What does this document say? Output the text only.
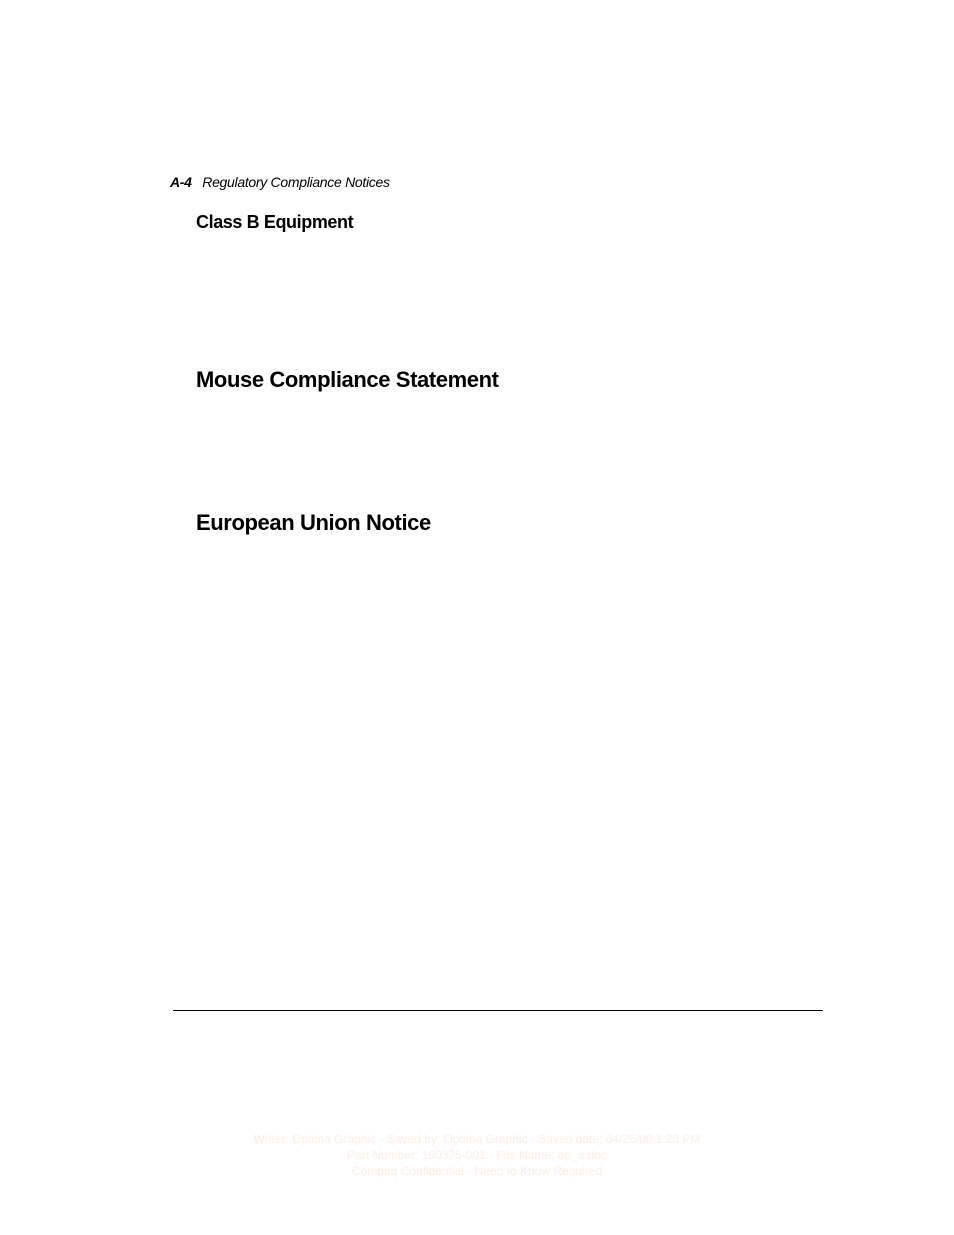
A-4 Regulatory Compliance Notices
Class B Equipment
Mouse Compliance Statement
European Union Notice
Writer: Optima Graphic - Saved by: Optima Graphic - Saved date: 04/26/00 1:23 PM
Part Number: 160375-001 - File Name: ap_a.doc
Compaq Confidential - Need to Know Required
